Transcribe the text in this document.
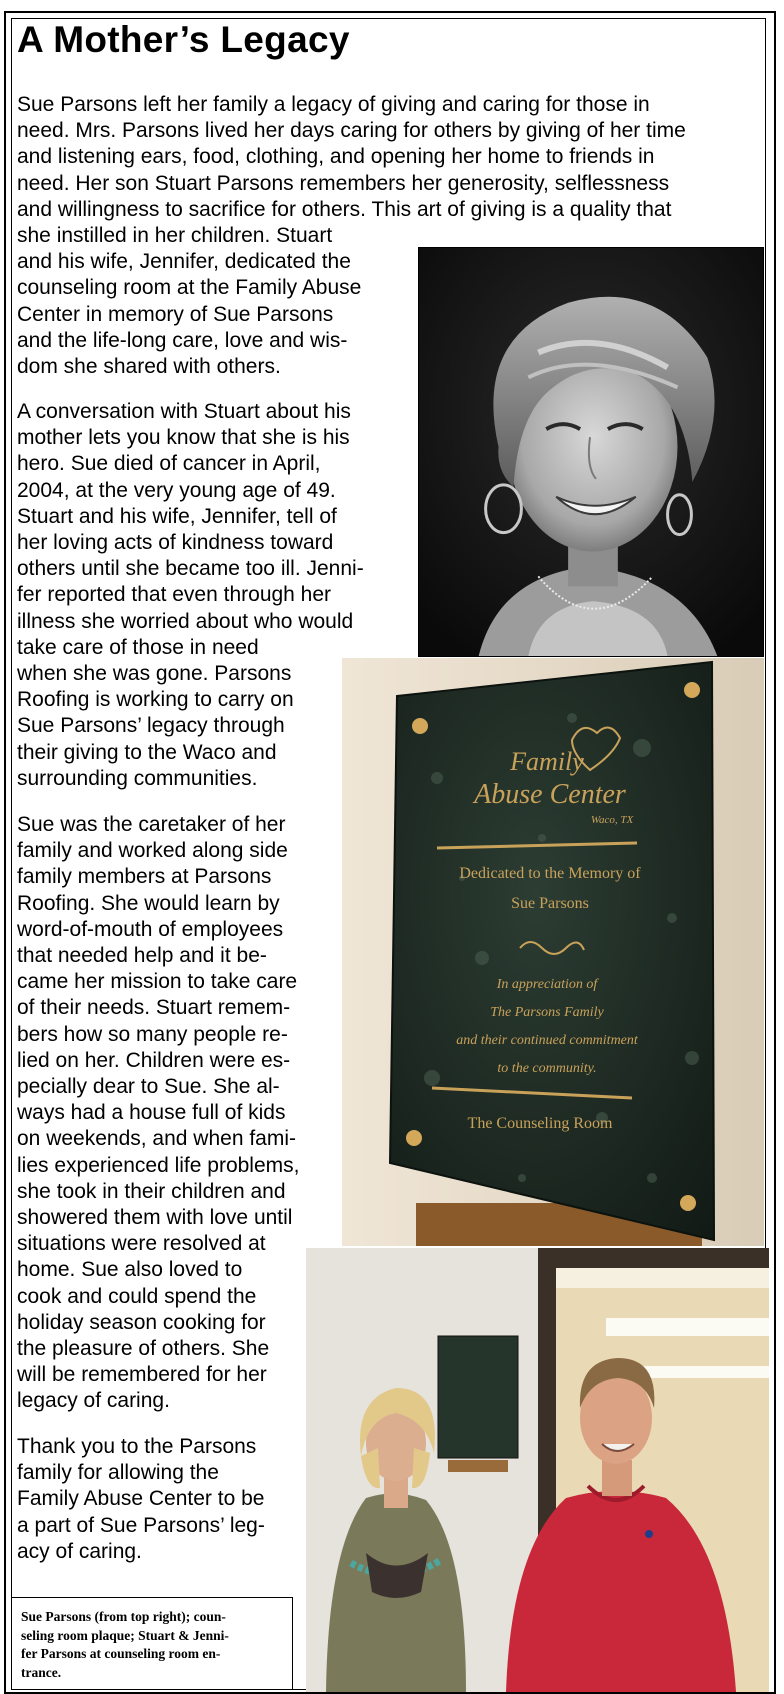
A Mother’s Legacy
Sue Parsons left her family a legacy of giving and caring for those in
need. Mrs. Parsons lived her days caring for others by giving of her time
and listening ears, food, clothing, and opening her home to friends in
need. Her son Stuart Parsons remembers her generosity, selflessness
and willingness to sacrifice for others. This art of giving is a quality that
she instilled in her children. Stuart
and his wife, Jennifer, dedicated the
counseling room at the Family Abuse
Center in memory of Sue Parsons
and the life-long care, love and wis-
dom she shared with others.
A conversation with Stuart about his
mother lets you know that she is his
hero. Sue died of cancer in April,
2004, at the very young age of 49.
Stuart and his wife, Jennifer, tell of
her loving acts of kindness toward
others until she became too ill. Jenni-
fer reported that even through her
illness she worried about who would
take care of those in need
when she was gone. Parsons
Roofing is working to carry on
Sue Parsons’ legacy through
their giving to the Waco and
surrounding communities.
Sue was the caretaker of her
family and worked along side
family members at Parsons
Roofing. She would learn by
word-of-mouth of employees
that needed help and it be-
came her mission to take care
of their needs. Stuart remem-
bers how so many people re-
lied on her. Children were es-
pecially dear to Sue. She al-
ways had a house full of kids
on weekends, and when fami-
lies experienced life problems,
she took in their children and
showered them with love until
situations were resolved at
home. Sue also loved to
cook and could spend the
holiday season cooking for
the pleasure of others. She
will be remembered for her
legacy of caring.
Thank you to the Parsons
family for allowing the
Family Abuse Center to be
a part of Sue Parsons’ leg-
acy of caring.
Family
Abuse Center
Waco, TX
Dedicated to the Memory of
Sue Parsons
In appreciation of
The Parsons Family
and their continued commitment
to the community.
The Counseling Room
Sue Parsons (from top right); coun-
seling room plaque; Stuart & Jenni-
fer Parsons at counseling room en-
trance.
